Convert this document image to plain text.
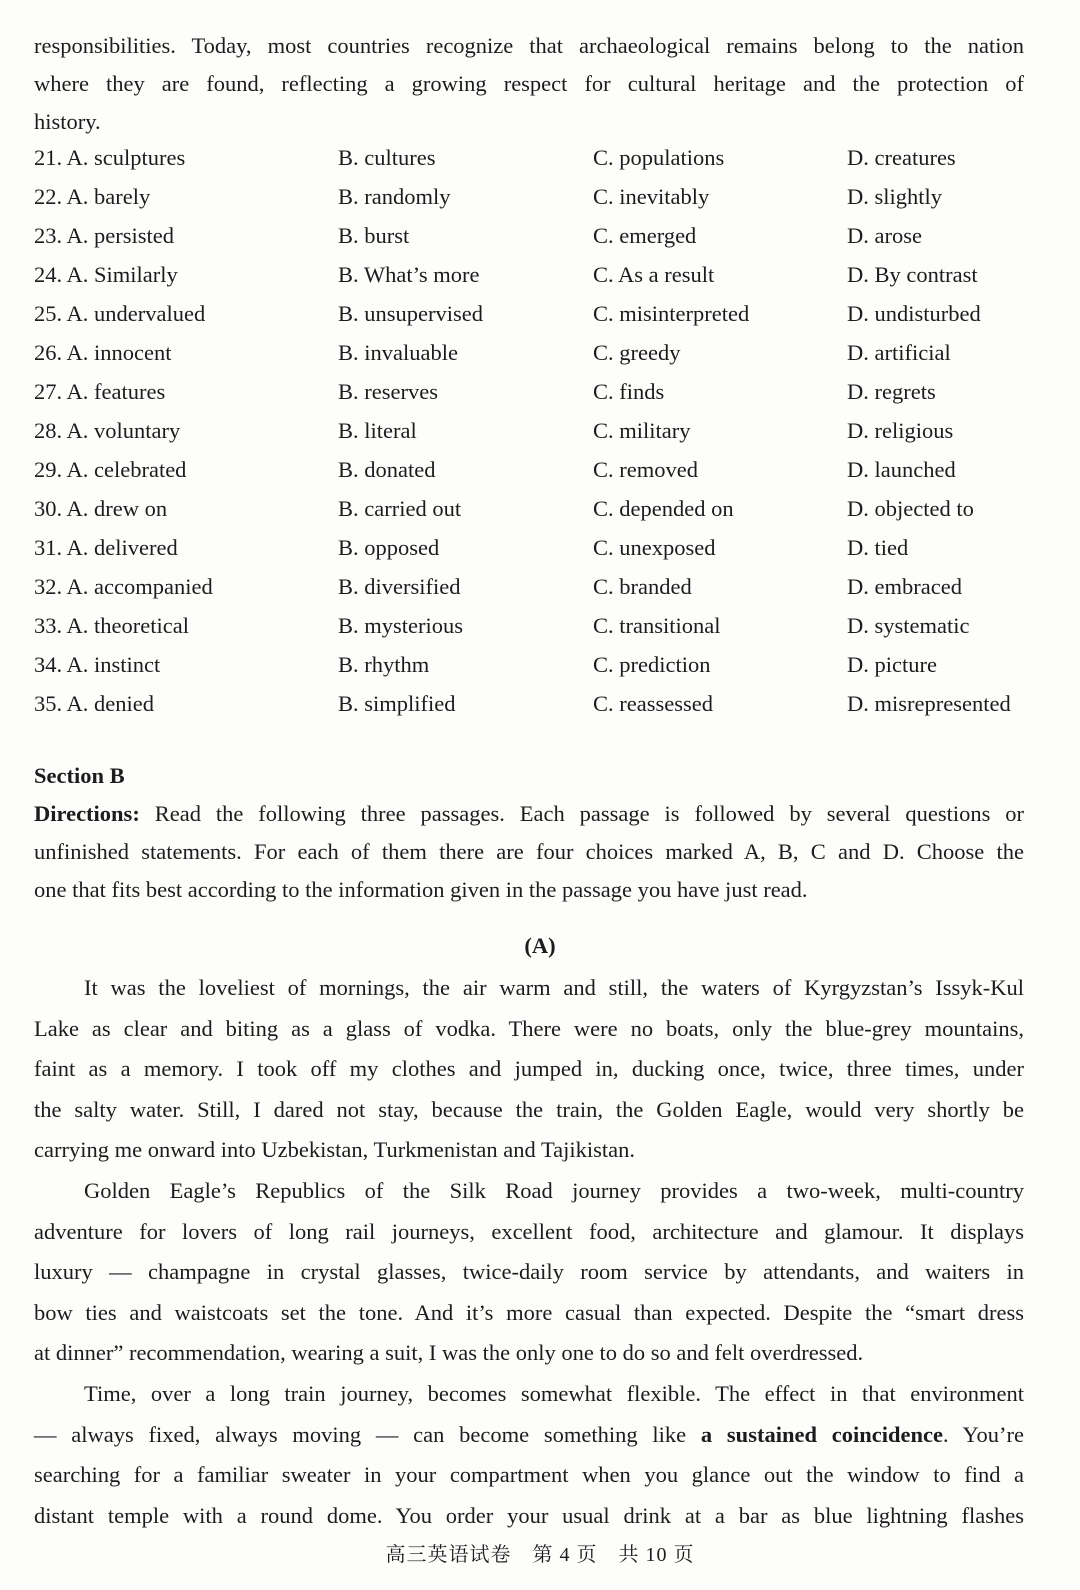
responsibilities. Today, most countries recognize that archaeological remains belong to the nation

where they are found, reflecting a growing respect for cultural heritage and the protection of

history.

21. A. sculptures	B. cultures	C. populations	D. creatures
22. A. barely	B. randomly	C. inevitably	D. slightly
23. A. persisted	B. burst	C. emerged	D. arose
24. A. Similarly	B. What’s more	C. As a result	D. By contrast
25. A. undervalued	B. unsupervised	C. misinterpreted	D. undisturbed
26. A. innocent	B. invaluable	C. greedy	D. artificial
27. A. features	B. reserves	C. finds	D. regrets
28. A. voluntary	B. literal	C. military	D. religious
29. A. celebrated	B. donated	C. removed	D. launched
30. A. drew on	B. carried out	C. depended on	D. objected to
31. A. delivered	B. opposed	C. unexposed	D. tied
32. A. accompanied	B. diversified	C. branded	D. embraced
33. A. theoretical	B. mysterious	C. transitional	D. systematic
34. A. instinct	B. rhythm	C. prediction	D. picture
35. A. denied	B. simplified	C. reassessed	D. misrepresented
Section B

Directions: Read the following three passages. Each passage is followed by several questions or

unfinished statements. For each of them there are four choices marked A, B, C and D. Choose the

one that fits best according to the information given in the passage you have just read.

(A)

It was the loveliest of mornings, the air warm and still, the waters of Kyrgyzstan’s Issyk-Kul

Lake as clear and biting as a glass of vodka. There were no boats, only the blue-grey mountains,

faint as a memory. I took off my clothes and jumped in, ducking once, twice, three times, under

the salty water. Still, I dared not stay, because the train, the Golden Eagle, would very shortly be

carrying me onward into Uzbekistan, Turkmenistan and Tajikistan.

Golden Eagle’s Republics of the Silk Road journey provides a two-week, multi-country

adventure for lovers of long rail journeys, excellent food, architecture and glamour. It displays

luxury — champagne in crystal glasses, twice-daily room service by attendants, and waiters in

bow ties and waistcoats set the tone. And it’s more casual than expected. Despite the “smart dress

at dinner” recommendation, wearing a suit, I was the only one to do so and felt overdressed.

Time, over a long train journey, becomes somewhat flexible. The effect in that environment

— always fixed, always moving — can become something like a sustained coincidence. You’re

searching for a familiar sweater in your compartment when you glance out the window to find a

distant temple with a round dome. You order your usual drink at a bar as blue lightning flashes

高三英语试卷　第 4 页　共 10 页
